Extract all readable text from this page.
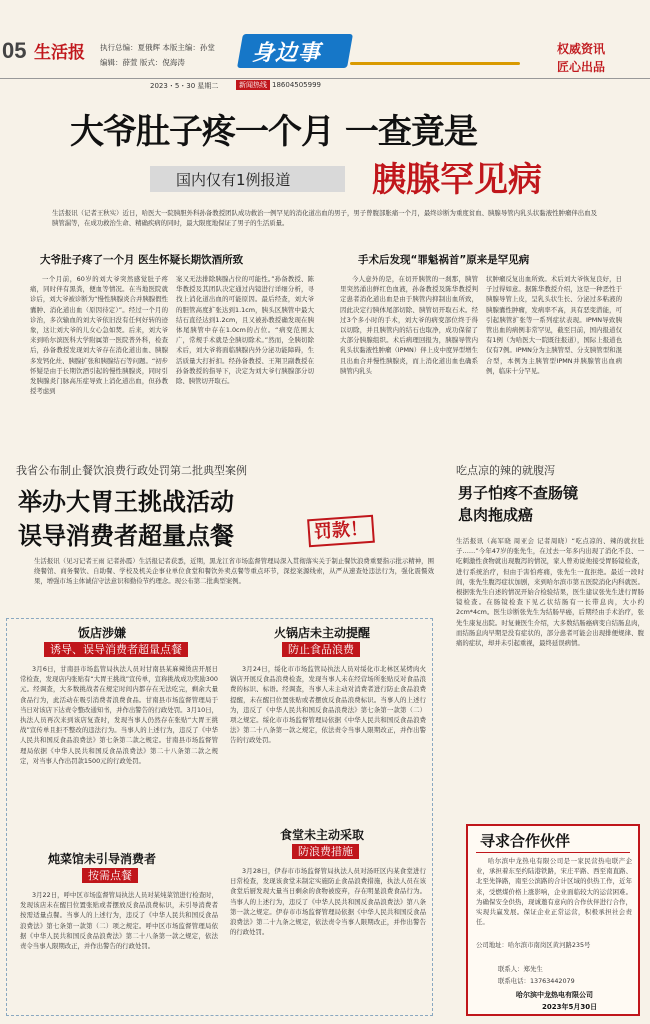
05 生活报 执行总编：夏俄辉 本版主编：孙堂
编辑：薛萱 版式：倪海涛	身边事	权威资讯
匠心出品
2023・5・30 星期二	新闻热线 18604505999
大爷肚子疼一个月 一查竟是
国内仅有1例报道 胰腺罕见病
生活报讯（记者王秋实）近日，哈医大一院胰胆外科孙备教授团队成功救治一例罕见的消化道出血的男子，男子曾腹部胀痛一个月，最终诊断为重度贫血、胰腺导管内乳头状黏液性肿瘤伴出血及胰管漏等，在成功救治生命、精确疾病的同时，最大限度地保证了男子的生活质量。
大爷肚子疼了一个月 医生怀疑长期饮酒所致	手术后发现“罪魁祸首”原来是罕见病
一个月前，60岁的刘大爷突然感觉肚子疼痛，同时伴有黑粪，便血等情况。在当地医院就诊后，刘大爷被诊断为“慢性胰腺炎合并胰腺假性囊肿、消化道出血（原因待定）”。经过一个月的诊治，多次输血的刘大爷依旧没有任何好转的迹象，这让刘大爷的儿女心急如焚。后来，刘大爷来到哈尔滨医科大学附属第一医院普外科，检查后，孙备教授发现刘大爷存在消化道出血、胰腺多发钙化灶、胰腺扩张和胰腺结石等问题。“初步怀疑是由于长期饮酒引起的慢性胰腺炎，同时引发胰腺炎门脉高压症导致上消化道出血，但孙教授考虑到
案又无法排除胰腺占位的可能性。”孙备教授、陈华教授及其团队决定通过内镜进行详细分析，寻找上消化道出血的可能原因。最后经查，刘大爷的胆管高度扩张达到1.1cm，胰头区胰管中最大结石直径达到1.2cm，且又被孙教授确发现在胰体尾胰管中存在1.0cm的占位。“病变范围太广，常规手术就是全胰切除术。”然而，全胰切除术后，刘大爷将面临胰腺内外分泌功能障碍，生活质量大打折扣。经孙备教授、王翔卫副教授在孙备教授的指导下，决定为刘大爷行胰腺部分切除、胰管切开取石。
今人意外的是，在切开胰管的一刹那，胰管里突然涌出鲜红色血液，孙备教授及陈华教授判定患者消化道出血是由于胰管内抑制出血所致，因此决定行胰体尾部切除、胰管切开取石术。经过3个多小时的手术，刘大爷的病变部位终于得以切除，并且胰管内的结石也取净，成功保留了大部分胰腺组织。术后病理回报为，胰腺导管内乳头状黏液性肿瘤（IPMN）伴上皮中度异型增生且出血合并慢性胰腺炎，而上消化道出血也确系胰管内乳头
状肿瘤反复出血所致。术后刘大爷恢复良好，日子过得如意。据陈华教授介绍，这是一种恶性于胰腺导管上皮，呈乳头状生长、分泌过多粘液的胰腺囊性肿瘤，发病率不高，具有恶变潜能，可引起胰管扩张等一系列症状表现。IPMN导致胰管出血的病例非常罕见，截至目前，国内报道仅有1例（为哈医大一院既往报道），国际上报道也仅有7例。IPMN分为主胰管型、分支胰管型和混合型，本例为主胰管型IPMN并胰腺管出血病例，临床十分罕见。
我省公布制止餐饮浪费行政处罚第二批典型案例
举办大胃王挑战活动
误导消费者超量点餐	罚款！
生活报讯（见习记者王雨 记者孙霞）生活报记者获悉，近期，黑龙江省市场监督管理局深入贯彻落实关于制止餐饮浪费重要指示批示精神，围绕餐馆、商务餐饮、自助餐、学校及机关企事业单位食堂和餐饮外卖点餐等重点环节，深挖案源线索，从严从速查处违法行为，强化震慑效果，增强市场主体诚信守法意识和勤俭节约理念。现公布第二批典型案例。
饭店涉嫌
诱导、误导消费者超量点餐
3月6日，甘南县市场监管局执法人员对甘南县某麻辣烫店开展日常检查，发现店内张贴有“大胃王挑战”宣传单，宣称挑战成功奖励300元。经调查，大多数挑战者在规定时间内都存在无法吃完，剩余大量食品行为，此活动在吸引消费者浪费食品。甘南县市场监督管理局于当日对该店下达责令整改通知书，并作出警告的行政处罚。3月10日，执法人员再次来到该店复查时，发现当事人仍然存在张贴“大胃王挑战”宣传单且拒不整改的违法行为。当事人的上述行为，违反了《中华人民共和国反食品浪费法》第七条第二款之规定。甘南县市场监督管理局依据《中华人民共和国反食品浪费法》第二十八条第二款之规定，对当事人作出罚款1500元的行政处罚。
火锅店未主动提醒
防止食品浪费
3月24日，绥化市市场监管局执法人员对绥化市北林区某烤肉火锅店开展反食品浪费检查，发现当事人未在经营场所张贴反对食品浪费的标识、标语。经调查，当事人未主动对消费者进行防止食品浪费提醒，未在醒目位置张贴或者摆放反食品浪费标识。当事人的上述行为，违反了《中华人民共和国反食品浪费法》第七条第一款第（二）项之规定。绥化市市场监督管理局依据《中华人民共和国反食品浪费法》第二十八条第一款之规定，依法责令当事人限期改正，并作出警告的行政处罚。
炖菜馆未引导消费者
按需点餐
3月22日，呼中区市场监督管局执法人员对某炖菜馆进行检查时，发现该店未在醒目位置张贴或者摆放反食品浪费标识，未引导消费者按需适量点餐。当事人的上述行为，违反了《中华人民共和国反食品浪费法》第七条第一款第（二）项之规定。呼中区市场监督管理局依据《中华人民共和国反食品浪费法》第二十八条第一款之规定，依法责令当事人限期改正，并作出警告的行政处罚。
食堂未主动采取
防浪费措施
3月28日，伊春市市场监督管局执法人员对汤旺区内某食堂进行日常检查，发现该食堂未制定实施防止食品浪费措施，执法人员在该食堂后厨发现大量当日剩余的食物被废弃，存在明显浪费食品行为。当事人的上述行为，违反了《中华人民共和国反食品浪费法》第八条第一款之规定。伊春市市场监督管理局依据《中华人民共和国反食品浪费法》第二十九条之规定，依法责令当事人限期改正，并作出警告的行政处罚。
吃点凉的辣的就腹泻
男子怕疼不查肠镜
息肉拖成癌
生活报讯（高军晓 周亚会 记者周晓）“吃点凉的、辣的就拉肚子……”今年47岁的张先生，在过去一年多内出现了消化不良、一吃刺激性食物就出现腹泻的情况，家人曾劝说他接受胃肠镜检查，进行系统治疗，但由于害怕疼痛，张先生一直拒绝。最近一段时间，张先生腹泻症状加剧，来到哈尔滨市第五医院消化内科就医。根据张先生自述的情况开始合检验结果，医生建议张先生进行胃肠镜检查。在肠镜检查下见乙状结肠有一长带息肉，大小约2cm*4cm。医生诊断张先生为结肠早癌，后期经由手术治疗，张先生康复出院。时复兼医生介绍，大多数结肠癌病变自结肠息肉，而结肠息肉早期是没有症状的，部分患者可能会出现排便规律、腹痛的症状，却并未引起重视，最终延误病情。
寻求合作伙伴
哈尔滨中龙热电有限公司是一家民营热电联产企业，承担着东至约陆港铁路，宋庄平路、西至南直路、北至先锋路，南至公滨路的合计区域的供热工作，近年来，受燃煤价格上涨影响，企业面临较大的运营困难。为确保安全供热，现诚邀有意向的合作伙伴进行合作，实现共赢发展。保证企业正常运营，积极承担社会责任。
公司地址：哈尔滨市南岗区黄河路235号
联系人：郑先生
联系电话：13763442079
哈尔滨中龙热电有限公司
2023年5月30日
